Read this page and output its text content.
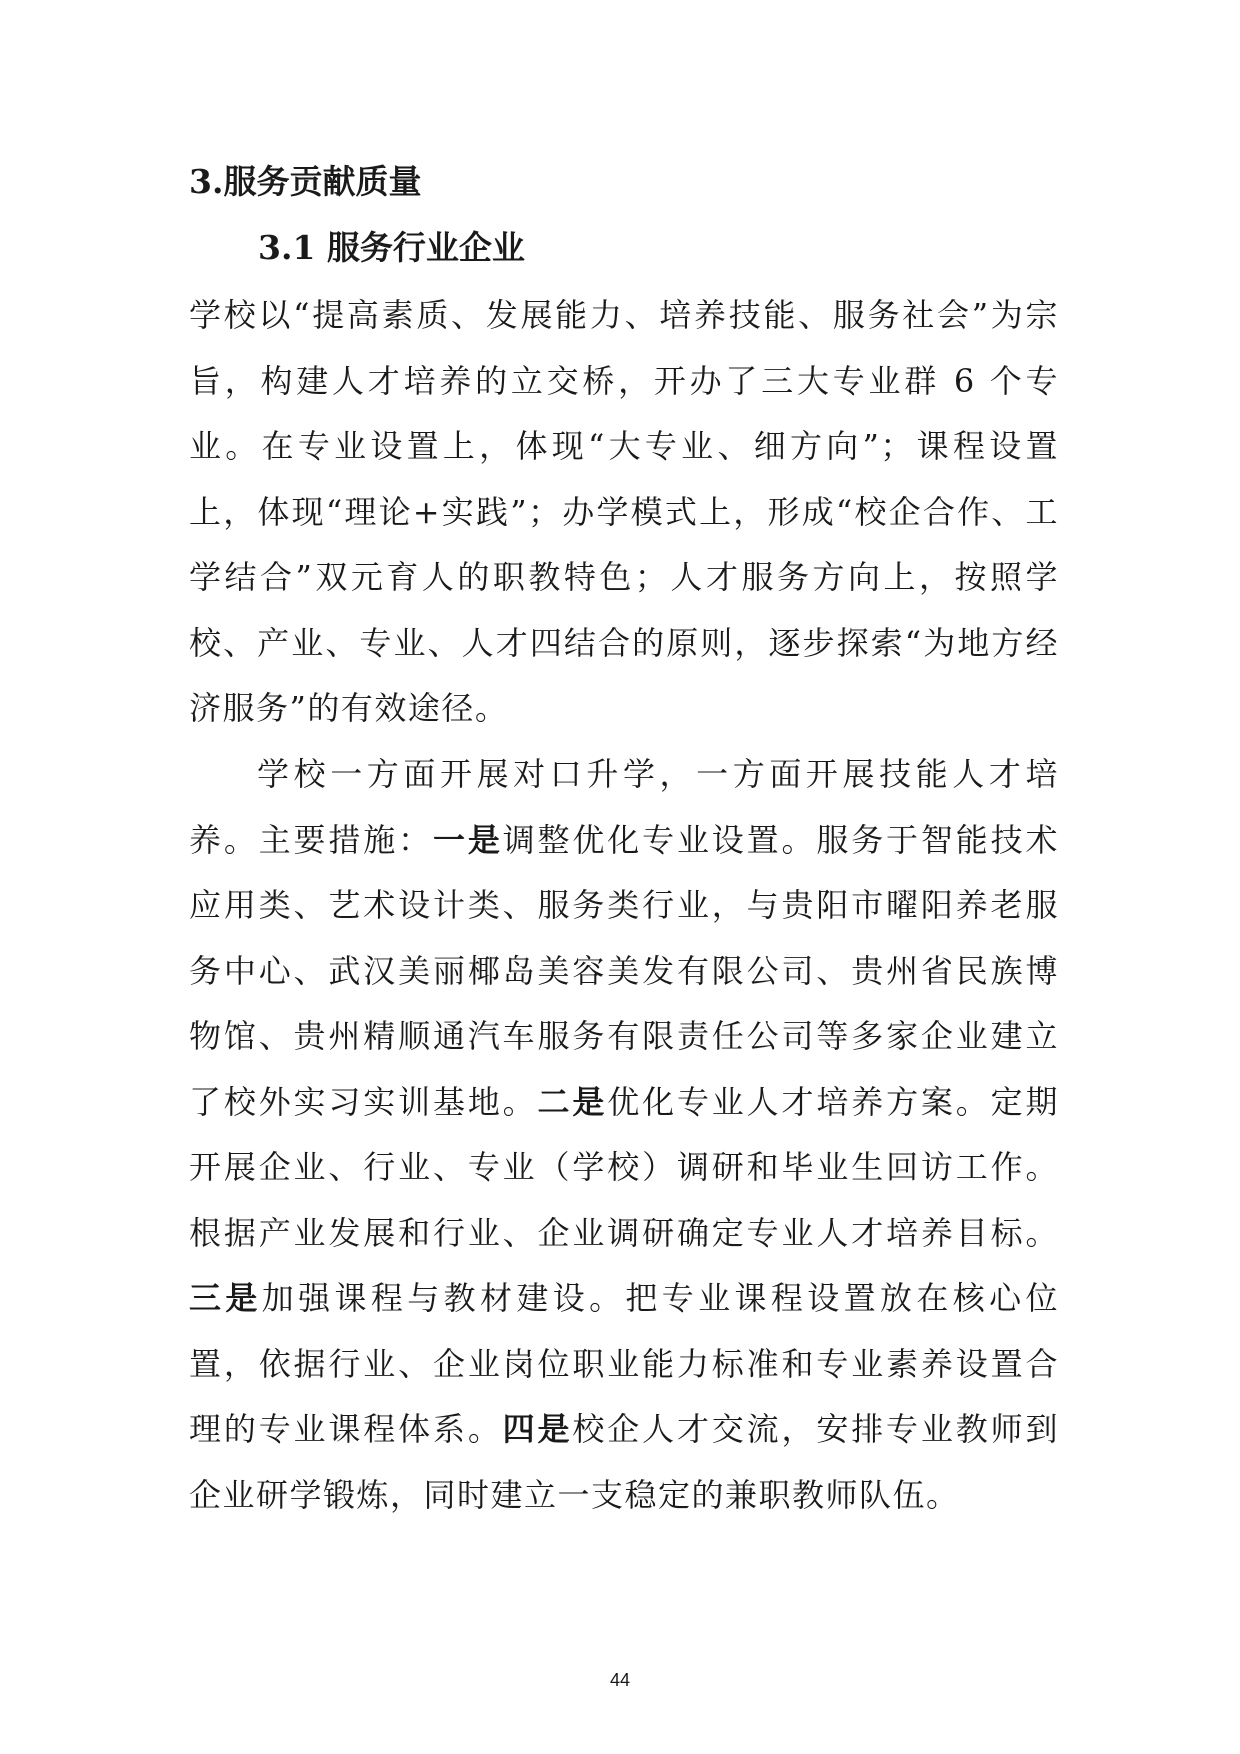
3.服务贡献质量
3.1 服务行业企业
学校以“提高素质、发展能力、培养技能、服务社会”为宗旨，构建人才培养的立交桥，开办了三大专业群 6 个专业。在专业设置上，体现“大专业、细方向”；课程设置上，体现“理论+实践”；办学模式上，形成“校企合作、工学结合”双元育人的职教特色；人才服务方向上，按照学校、产业、专业、人才四结合的原则，逐步探索“为地方经济服务”的有效途径。
学校一方面开展对口升学，一方面开展技能人才培养。主要措施：一是调整优化专业设置。服务于智能技术应用类、艺术设计类、服务类行业，与贵阳市曜阳养老服务中心、武汉美丽椰岛美容美发有限公司、贵州省民族博物馆、贵州精顺通汽车服务有限责任公司等多家企业建立了校外实习实训基地。二是优化专业人才培养方案。定期开展企业、行业、专业（学校）调研和毕业生回访工作。根据产业发展和行业、企业调研确定专业人才培养目标。三是加强课程与教材建设。把专业课程设置放在核心位置，依据行业、企业岗位职业能力标准和专业素养设置合理的专业课程体系。四是校企人才交流，安排专业教师到企业研学锻炼，同时建立一支稳定的兼职教师队伍。
44
